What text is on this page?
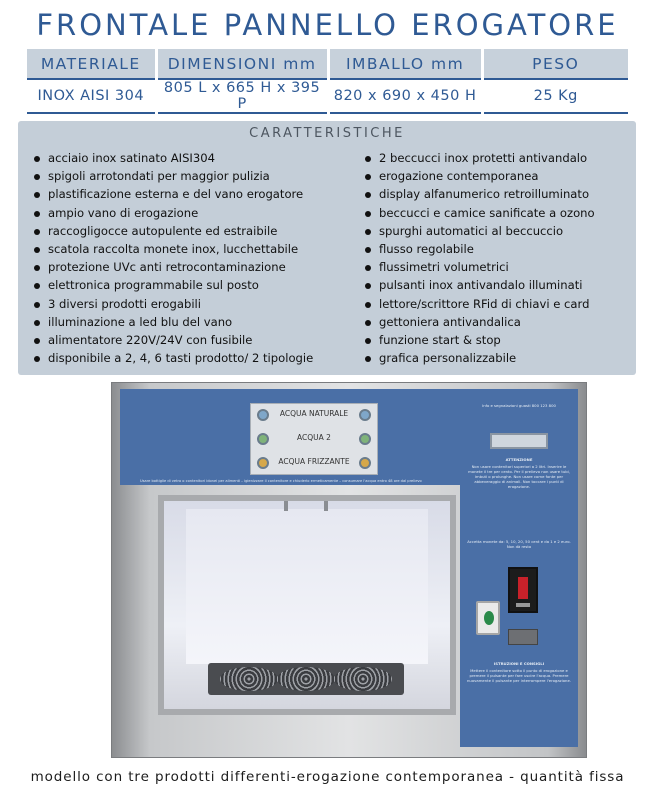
FRONTALE PANNELLO EROGATORE
MATERIALE	DIMENSIONI mm	IMBALLO mm	PESO
INOX AISI 304	805 L x 665 H x 395 P	820 x 690 x 450 H	25 Kg
CARATTERISTICHE
acciaio inox satinato AISI304
spigoli arrotondati per maggior pulizia
plastificazione esterna e del vano erogatore
ampio vano di erogazione
raccogligocce autopulente ed estraibile
scatola raccolta monete inox, lucchettabile
protezione UVc anti retrocontaminazione
elettronica programmabile sul posto
3 diversi prodotti erogabili
illuminazione a led blu del vano
alimentatore 220V/24V con fusibile
disponibile a 2, 4, 6 tasti prodotto/ 2 tipologie
2 beccucci inox protetti antivandalo
erogazione contemporanea
display alfanumerico retroilluminato
beccucci e camice sanificate a ozono
spurghi automatici al beccuccio
flusso regolabile
flussimetri volumetrici
pulsanti inox antivandalo illuminati
lettore/scrittore RFid di chiavi e card
gettoniera antivandalica
funzione start & stop
grafica personalizzabile
ACQUA NATURALE
ACQUA 2
ACQUA FRIZZANTE
Usare bottiglie di vetro o contenitori idonei per alimenti – igienizzare il contenitore e chiuderlo ermeticamente – consumare l'acqua entro 48 ore dal prelievo
Info e segnalazioni guasti 800 123 800
ATTENZIONE
Non usare contenitori superiori a 2 litri. Inserire le monete il tre per cento. Per il prelievo non usare tubi, imbuti o prolunghe. Non usare come fonte per abbeveraggio di animali. Non toccare i punti di erogazione.
Accetta monete da: 5, 10, 20, 50 cent e da 1 e 2 euro. Non dà resto
ISTRUZIONI E CONSIGLI
Mettere il contenitore sotto il punto di erogazione e premere il pulsante per fare uscire l'acqua. Premere nuovamente il pulsante per interrompere l'erogazione.
modello con tre prodotti differenti-erogazione contemporanea - quantità fissa
